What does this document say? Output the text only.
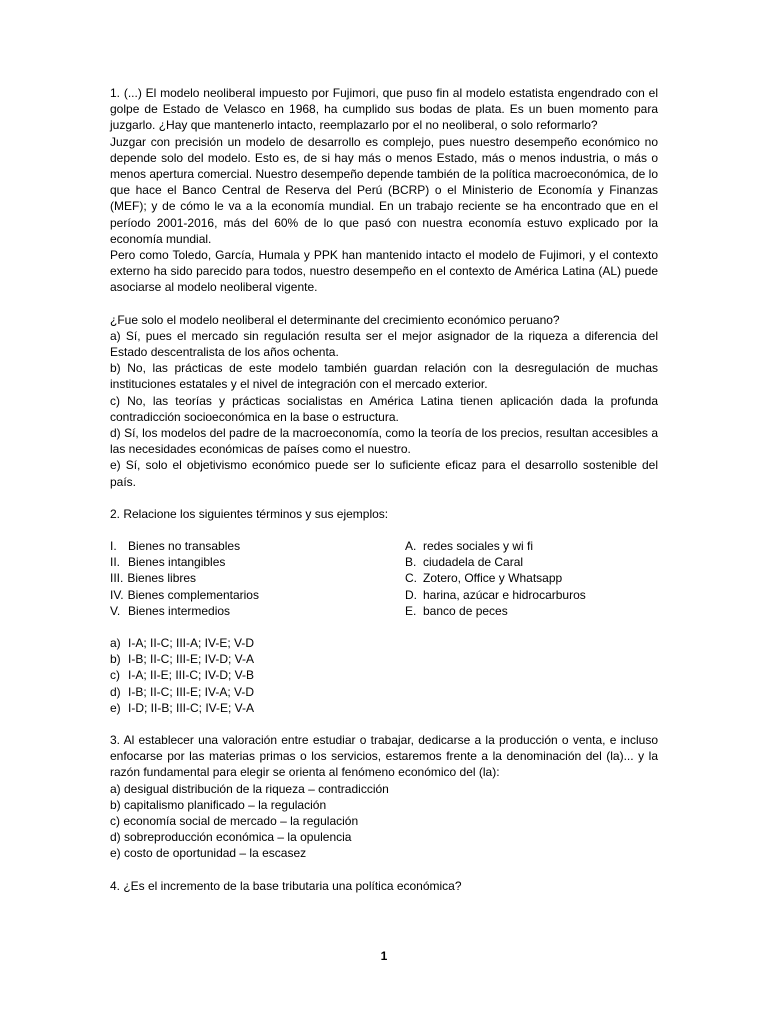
1. (...) El modelo neoliberal impuesto por Fujimori, que puso fin al modelo estatista engendrado con el golpe de Estado de Velasco en 1968, ha cumplido sus bodas de plata. Es un buen momento para juzgarlo. ¿Hay que mantenerlo intacto, reemplazarlo por el no neoliberal, o solo reformarlo?

Juzgar con precisión un modelo de desarrollo es complejo, pues nuestro desempeño económico no depende solo del modelo. Esto es, de si hay más o menos Estado, más o menos industria, o más o menos apertura comercial. Nuestro desempeño depende también de la política macroeconómica, de lo que hace el Banco Central de Reserva del Perú (BCRP) o el Ministerio de Economía y Finanzas (MEF); y de cómo le va a la economía mundial. En un trabajo reciente se ha encontrado que en el período 2001-2016, más del 60% de lo que pasó con nuestra economía estuvo explicado por la economía mundial.

Pero como Toledo, García, Humala y PPK han mantenido intacto el modelo de Fujimori, y el contexto externo ha sido parecido para todos, nuestro desempeño en el contexto de América Latina (AL) puede asociarse al modelo neoliberal vigente.

¿Fue solo el modelo neoliberal el determinante del crecimiento económico peruano?

a) Sí, pues el mercado sin regulación resulta ser el mejor asignador de la riqueza a diferencia del Estado descentralista de los años ochenta.

b) No, las prácticas de este modelo también guardan relación con la desregulación de muchas instituciones estatales y el nivel de integración con el mercado exterior.

c) No, las teorías y prácticas socialistas en América Latina tienen aplicación dada la profunda contradicción socioeconómica en la base o estructura.

d) Sí, los modelos del padre de la macroeconomía, como la teoría de los precios, resultan accesibles a las necesidades económicas de países como el nuestro.

e) Sí, solo el objetivismo económico puede ser lo suficiente eficaz para el desarrollo sostenible del país.

2. Relacione los siguientes términos y sus ejemplos:

I. Bienes no transables
II. Bienes intangibles
III. Bienes libres
IV. Bienes complementarios
V. Bienes intermedios
A. redes sociales y wi fi
B. ciudadela de Caral
C. Zotero, Office y Whatsapp
D. harina, azúcar e hidrocarburos
E. banco de peces
a) I-A; II-C; III-A; IV-E; V-D
b) I-B; II-C; III-E; IV-D; V-A
c) I-A; II-E; III-C; IV-D; V-B
d) I-B; II-C; III-E; IV-A; V-D
e) I-D; II-B; III-C; IV-E; V-A

3. Al establecer una valoración entre estudiar o trabajar, dedicarse a la producción o venta, e incluso enfocarse por las materias primas o los servicios, estaremos frente a la denominación del (la)... y la razón fundamental para elegir se orienta al fenómeno económico del (la):

a) desigual distribución de la riqueza – contradicción

b) capitalismo planificado – la regulación

c) economía social de mercado – la regulación

d) sobreproducción económica – la opulencia

e) costo de oportunidad – la escasez

4. ¿Es el incremento de la base tributaria una política económica?

1
